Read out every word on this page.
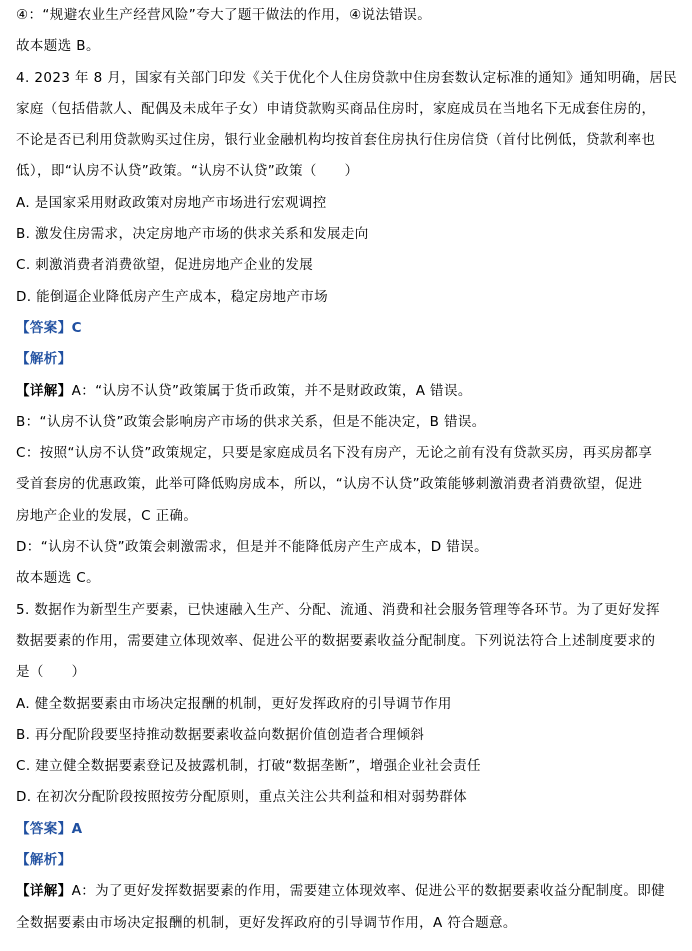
④：“规避农业生产经营风险”夸大了题干做法的作用，④说法错误。
故本题选 B。
4. 2023 年 8 月，国家有关部门印发《关于优化个人住房贷款中住房套数认定标准的通知》通知明确，居民
家庭（包括借款人、配偶及未成年子女）申请贷款购买商品住房时，家庭成员在当地名下无成套住房的，
不论是否已利用贷款购买过住房，银行业金融机构均按首套住房执行住房信贷（首付比例低，贷款利率也
低），即“认房不认贷”政策。“认房不认贷”政策（　　）
A. 是国家采用财政政策对房地产市场进行宏观调控
B. 激发住房需求，决定房地产市场的供求关系和发展走向
C. 刺激消费者消费欲望，促进房地产企业的发展
D. 能倒逼企业降低房产生产成本，稳定房地产市场
【答案】C
【解析】
【详解】A：“认房不认贷”政策属于货币政策，并不是财政政策，A 错误。
B：“认房不认贷”政策会影响房产市场的供求关系，但是不能决定，B 错误。
C：按照“认房不认贷”政策规定，只要是家庭成员名下没有房产，无论之前有没有贷款买房，再买房都享
受首套房的优惠政策，此举可降低购房成本，所以，“认房不认贷”政策能够刺激消费者消费欲望，促进
房地产企业的发展，C 正确。
D：“认房不认贷”政策会刺激需求，但是并不能降低房产生产成本，D 错误。
故本题选 C。
5. 数据作为新型生产要素，已快速融入生产、分配、流通、消费和社会服务管理等各环节。为了更好发挥
数据要素的作用，需要建立体现效率、促进公平的数据要素收益分配制度。下列说法符合上述制度要求的
是（　　）
A. 健全数据要素由市场决定报酬的机制，更好发挥政府的引导调节作用
B. 再分配阶段要坚持推动数据要素收益向数据价值创造者合理倾斜
C. 建立健全数据要素登记及披露机制，打破“数据垄断”，增强企业社会责任
D. 在初次分配阶段按照按劳分配原则，重点关注公共利益和相对弱势群体
【答案】A
【解析】
【详解】A：为了更好发挥数据要素的作用，需要建立体现效率、促进公平的数据要素收益分配制度。即健
全数据要素由市场决定报酬的机制，更好发挥政府的引导调节作用，A 符合题意。
